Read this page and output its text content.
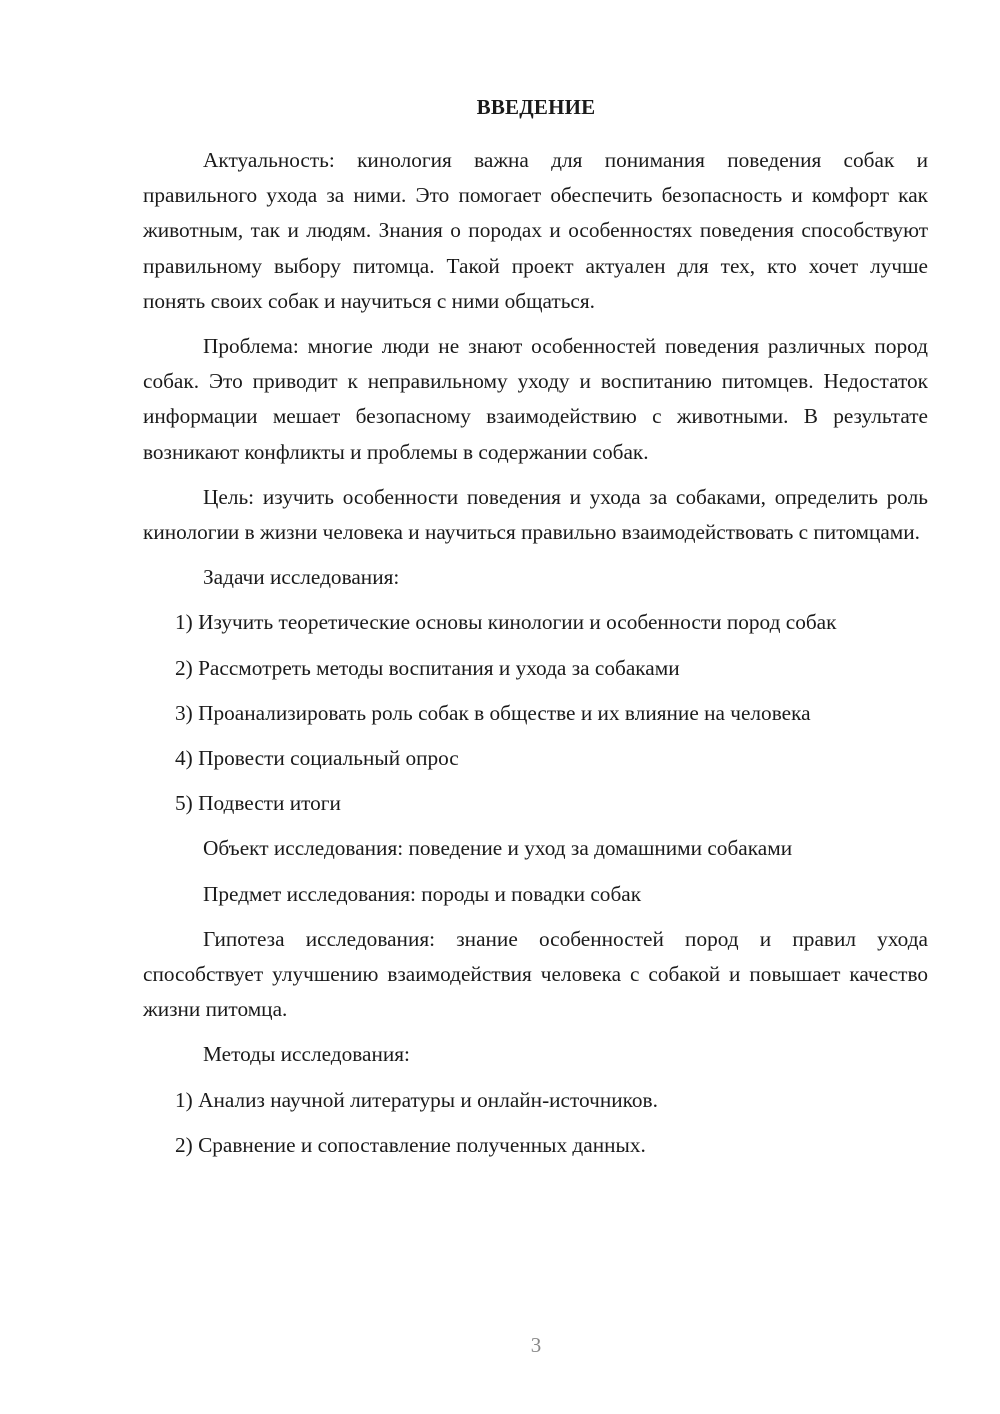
ВВЕДЕНИЕ

Актуальность: кинология важна для понимания поведения собак и правильного ухода за ними. Это помогает обеспечить безопасность и комфорт как животным, так и людям. Знания о породах и особенностях поведения способствуют правильному выбору питомца. Такой проект актуален для тех, кто хочет лучше понять своих собак и научиться с ними общаться.

Проблема: многие люди не знают особенностей поведения различных пород собак. Это приводит к неправильному уходу и воспитанию питомцев. Недостаток информации мешает безопасному взаимодействию с животными. В результате возникают конфликты и проблемы в содержании собак.

Цель: изучить особенности поведения и ухода за собаками, определить роль кинологии в жизни человека и научиться правильно взаимодействовать с питомцами.

Задачи исследования:

1) Изучить теоретические основы кинологии и особенности пород собак

2) Рассмотреть методы воспитания и ухода за собаками

3) Проанализировать роль собак в обществе и их влияние на человека

4) Провести социальный опрос

5) Подвести итоги

Объект исследования: поведение и уход за домашними собаками

Предмет исследования: породы и повадки собак

Гипотеза исследования: знание особенностей пород и правил ухода способствует улучшению взаимодействия человека с собакой и повышает качество жизни питомца.

Методы исследования:

1) Анализ научной литературы и онлайн-источников.

2) Сравнение и сопоставление полученных данных.

3
